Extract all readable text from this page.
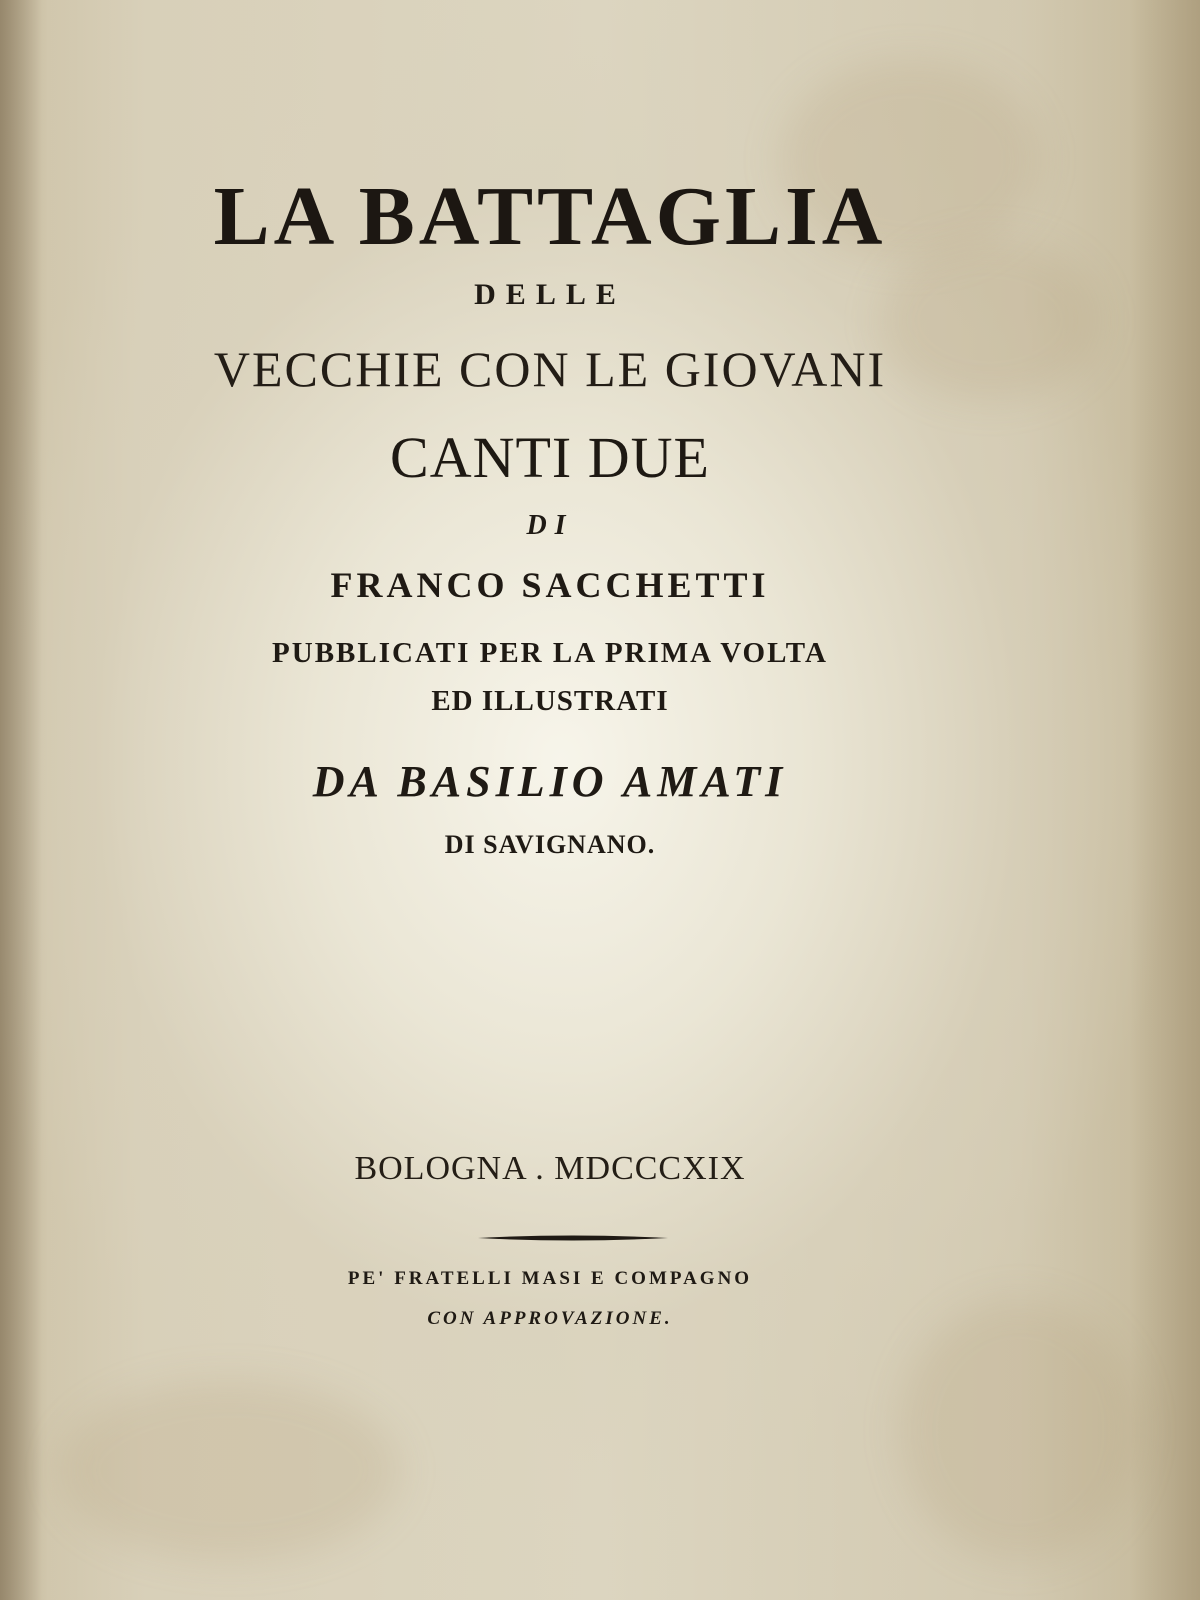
LA BATTAGLIA
DELLE
VECCHIE CON LE GIOVANI
CANTI DUE
DI
FRANCO SACCHETTI
PUBBLICATI PER LA PRIMA VOLTA
ED ILLUSTRATI
DA BASILIO AMATI
DI SAVIGNANO.
BOLOGNA . MDCCCXIX
PE' FRATELLI MASI E COMPAGNO
CON APPROVAZIONE.
